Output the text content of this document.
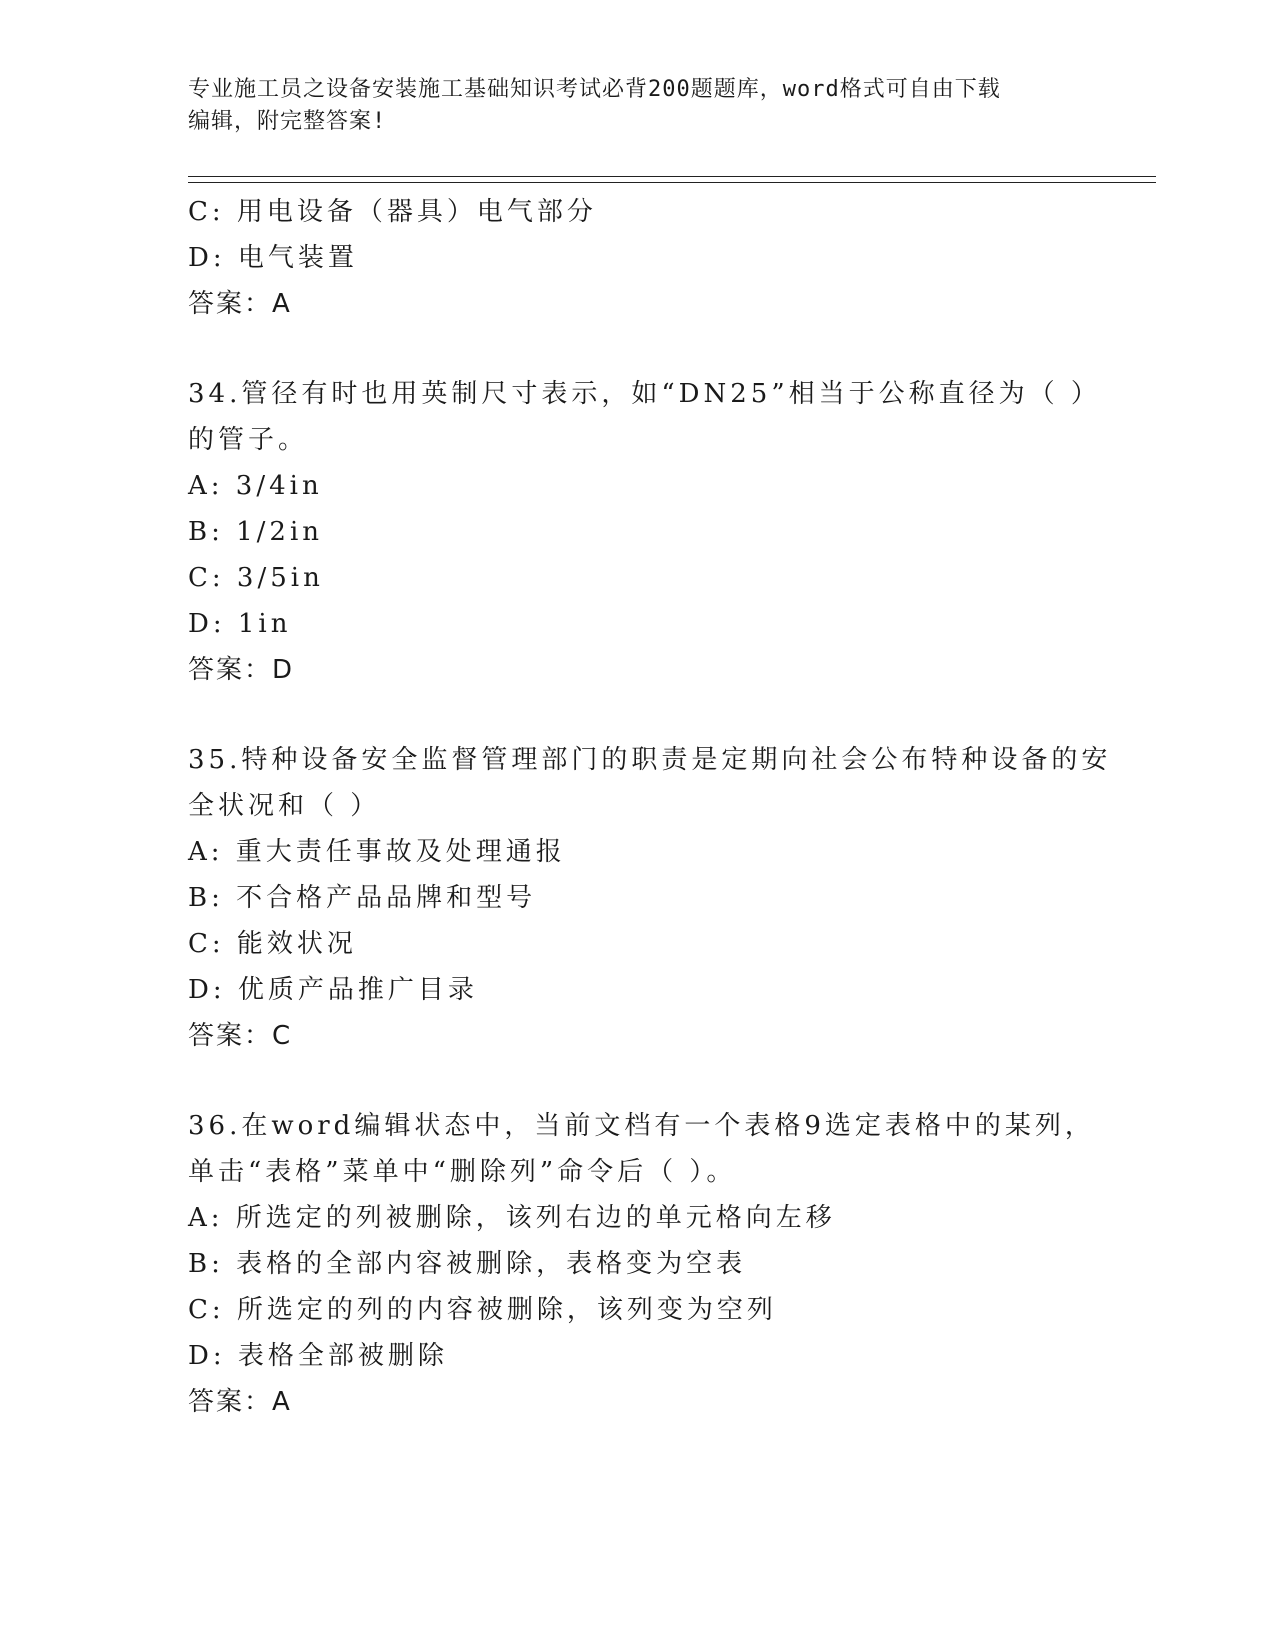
专业施工员之设备安装施工基础知识考试必背200题题库，word格式可自由下载
编辑，附完整答案!
C: 用电设备（器具）电气部分
D: 电气装置
答案：A
34.管径有时也用英制尺寸表示，如“DN25”相当于公称直径为（ ）
的管子。
A: 3/4in
B: 1/2in
C: 3/5in
D: 1in
答案：D
35.特种设备安全监督管理部门的职责是定期向社会公布特种设备的安
全状况和（ ）
A: 重大责任事故及处理通报
B: 不合格产品品牌和型号
C: 能效状况
D: 优质产品推广目录
答案：C
36.在word编辑状态中，当前文档有一个表格9选定表格中的某列，
单击“表格”菜单中“删除列”命令后（ ）。
A: 所选定的列被删除，该列右边的单元格向左移
B: 表格的全部内容被删除，表格变为空表
C: 所选定的列的内容被删除，该列变为空列
D: 表格全部被删除
答案：A
